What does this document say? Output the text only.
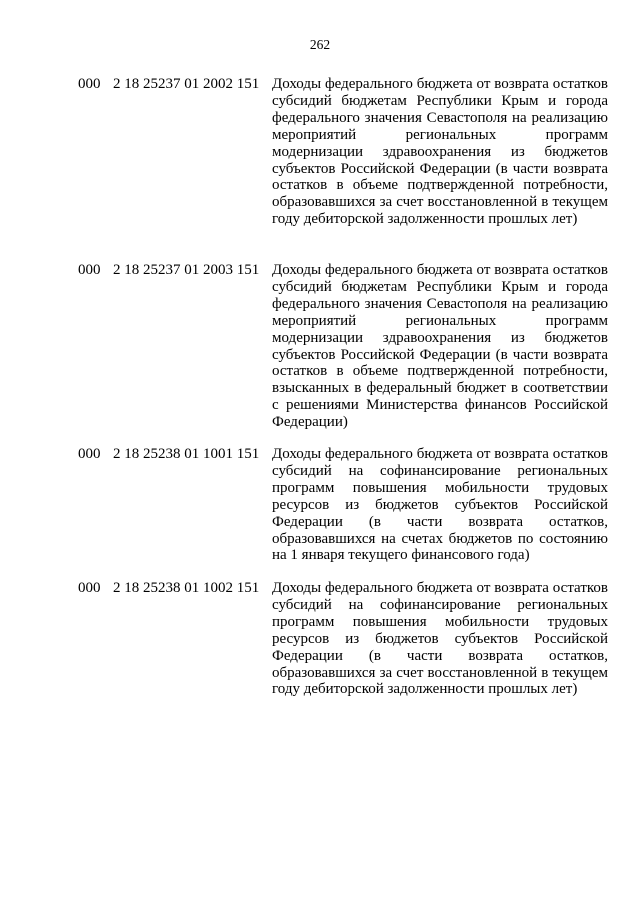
262
000 2 18 25237 01 2002 151 Доходы федерального бюджета от возврата остатков субсидий бюджетам Республики Крым и города федерального значения Севастополя на реализацию мероприятий региональных программ модернизации здравоохранения из бюджетов субъектов Российской Федерации (в части возврата остатков в объеме подтвержденной потребности, образовавшихся за счет восстановленной в текущем году дебиторской задолженности прошлых лет)
000 2 18 25237 01 2003 151 Доходы федерального бюджета от возврата остатков субсидий бюджетам Республики Крым и города федерального значения Севастополя на реализацию мероприятий региональных программ модернизации здравоохранения из бюджетов субъектов Российской Федерации (в части возврата остатков в объеме подтвержденной потребности, взысканных в федеральный бюджет в соответствии с решениями Министерства финансов Российской Федерации)
000 2 18 25238 01 1001 151 Доходы федерального бюджета от возврата остатков субсидий на софинансирование региональных программ повышения мобильности трудовых ресурсов из бюджетов субъектов Российской Федерации (в части возврата остатков, образовавшихся на счетах бюджетов по состоянию на 1 января текущего финансового года)
000 2 18 25238 01 1002 151 Доходы федерального бюджета от возврата остатков субсидий на софинансирование региональных программ повышения мобильности трудовых ресурсов из бюджетов субъектов Российской Федерации (в части возврата остатков, образовавшихся за счет восстановленной в текущем году дебиторской задолженности прошлых лет)
